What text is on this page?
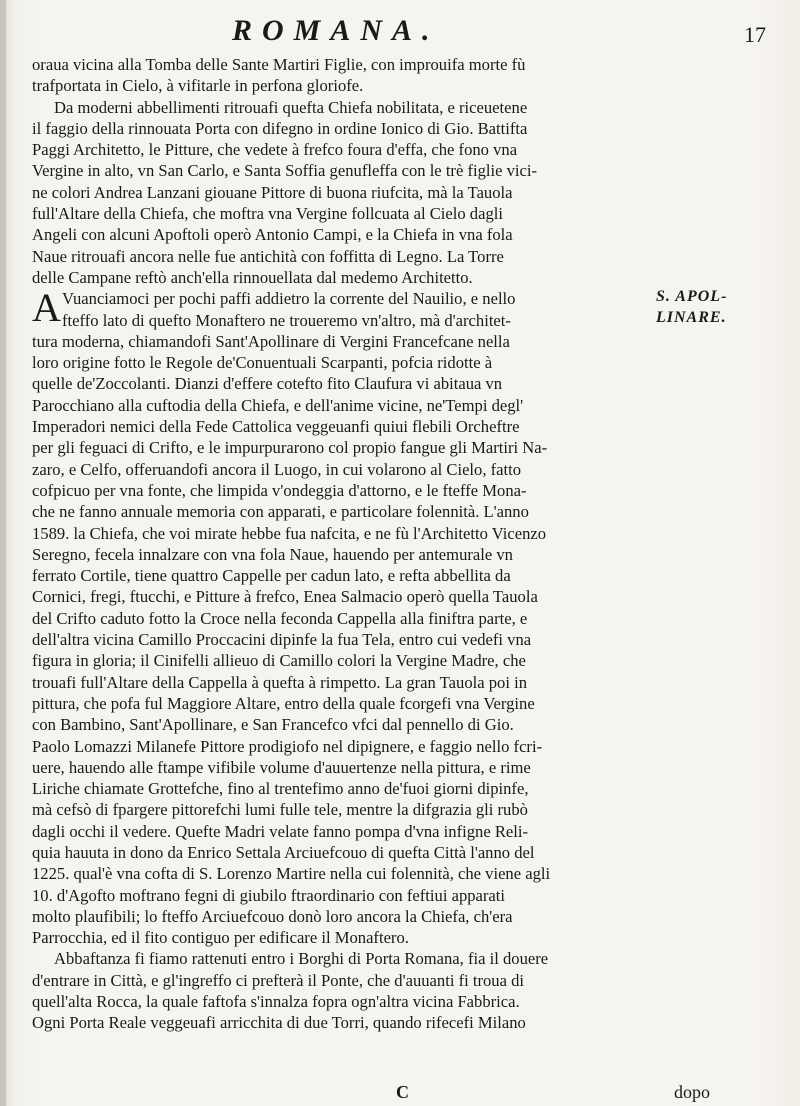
ROMANA.	17
oraua vicina alla Tomba delle Sante Martiri Figlie, con improuifa morte fù
trafportata in Cielo, à vifitarle in perfona gloriofe.
Da moderni abbellimenti ritrouafi quefta Chiefa nobilitata, e riceuetene
il faggio della rinnouata Porta con difegno in ordine Ionico di Gio. Battifta
Paggi Architetto, le Pitture, che vedete à frefco foura d'effa, che fono vna
Vergine in alto, vn San Carlo, e Santa Soffia genufleffa con le trè figlie vici-
ne colori Andrea Lanzani giouane Pittore di buona riufcita, mà la Tauola
full'Altare della Chiefa, che moftra vna Vergine follcuata al Cielo dagli
Angeli con alcuni Apoftoli operò Antonio Campi, e la Chiefa in vna fola
Naue ritrouafi ancora nelle fue antichità con foffitta di Legno. La Torre
delle Campane reftò anch'ella rinnouellata dal medemo Architetto.
A Vuanciamoci per pochi paffi addietro la corrente del Nauilio, e nello
fteffo lato di quefto Monaftero ne troueremo vn'altro, mà d'architet-
tura moderna, chiamandofi Sant'Apollinare di Vergini Francefcane nella
loro origine fotto le Regole de'Conuentuali Scarpanti, pofcia ridotte à
quelle de'Zoccolanti. Dianzi d'effere cotefto fito Claufura vi abitaua vn
Parocchiano alla cuftodia della Chiefa, e dell'anime vicine, ne'Tempi degl'
Imperadori nemici della Fede Cattolica veggeuanfi quiui flebili Orcheftre
per gli feguaci di Crifto, e le impurpurarono col propio fangue gli Martiri Na-
zaro, e Celfo, offeruandofi ancora il Luogo, in cui volarono al Cielo, fatto
cofpicuo per vna fonte, che limpida v'ondeggia d'attorno, e le fteffe Mona-
che ne fanno annuale memoria con apparati, e particolare folennità. L'anno
1589. la Chiefa, che voi mirate hebbe fua nafcita, e ne fù l'Architetto Vicenzo
Seregno, fecela innalzare con vna fola Naue, hauendo per antemurale vn
ferrato Cortile, tiene quattro Cappelle per cadun lato, e refta abbellita da
Cornici, fregi, ftucchi, e Pitture à frefco, Enea Salmacio operò quella Tauola
del Crifto caduto fotto la Croce nella feconda Cappella alla finiftra parte, e
dell'altra vicina Camillo Proccacini dipinfe la fua Tela, entro cui vedefi vna
figura in gloria; il Cinifelli allieuo di Camillo colori la Vergine Madre, che
trouafi full'Altare della Cappella à quefta à rimpetto. La gran Tauola poi in
pittura, che pofa ful Maggiore Altare, entro della quale fcorgefi vna Vergine
con Bambino, Sant'Apollinare, e San Francefco vfci dal pennello di Gio.
Paolo Lomazzi Milanefe Pittore prodigiofo nel dipignere, e faggio nello fcri-
uere, hauendo alle ftampe vifibile volume d'auuertenze nella pittura, e rime
Liriche chiamate Grottefche, fino al trentefimo anno de'fuoi giorni dipinfe,
mà cefsò di fpargere pittorefchi lumi fulle tele, mentre la difgrazia gli rubò
dagli occhi il vedere. Quefte Madri velate fanno pompa d'vna infigne Reli-
quia hauuta in dono da Enrico Settala Arciuefcouo di quefta Città l'anno del
1225. qual'è vna cofta di S. Lorenzo Martire nella cui folennità, che viene agli
10. d'Agofto moftrano fegni di giubilo ftraordinario con feftiui apparati
molto plaufibili; lo fteffo Arciuefcouo donò loro ancora la Chiefa, ch'era
Parrocchia, ed il fito contiguo per edificare il Monaftero.
Abbaftanza fi fiamo rattenuti entro i Borghi di Porta Romana, fia il douere
d'entrare in Città, e gl'ingreffo ci prefterà il Ponte, che d'auuanti fi troua di
quell'alta Rocca, la quale faftofa s'innalza fopra ogn'altra vicina Fabbrica.
Ogni Porta Reale veggeuafi arricchita di due Torri, quando rifecefi Milano
S. APOL-
LINARE.
C	dopo
